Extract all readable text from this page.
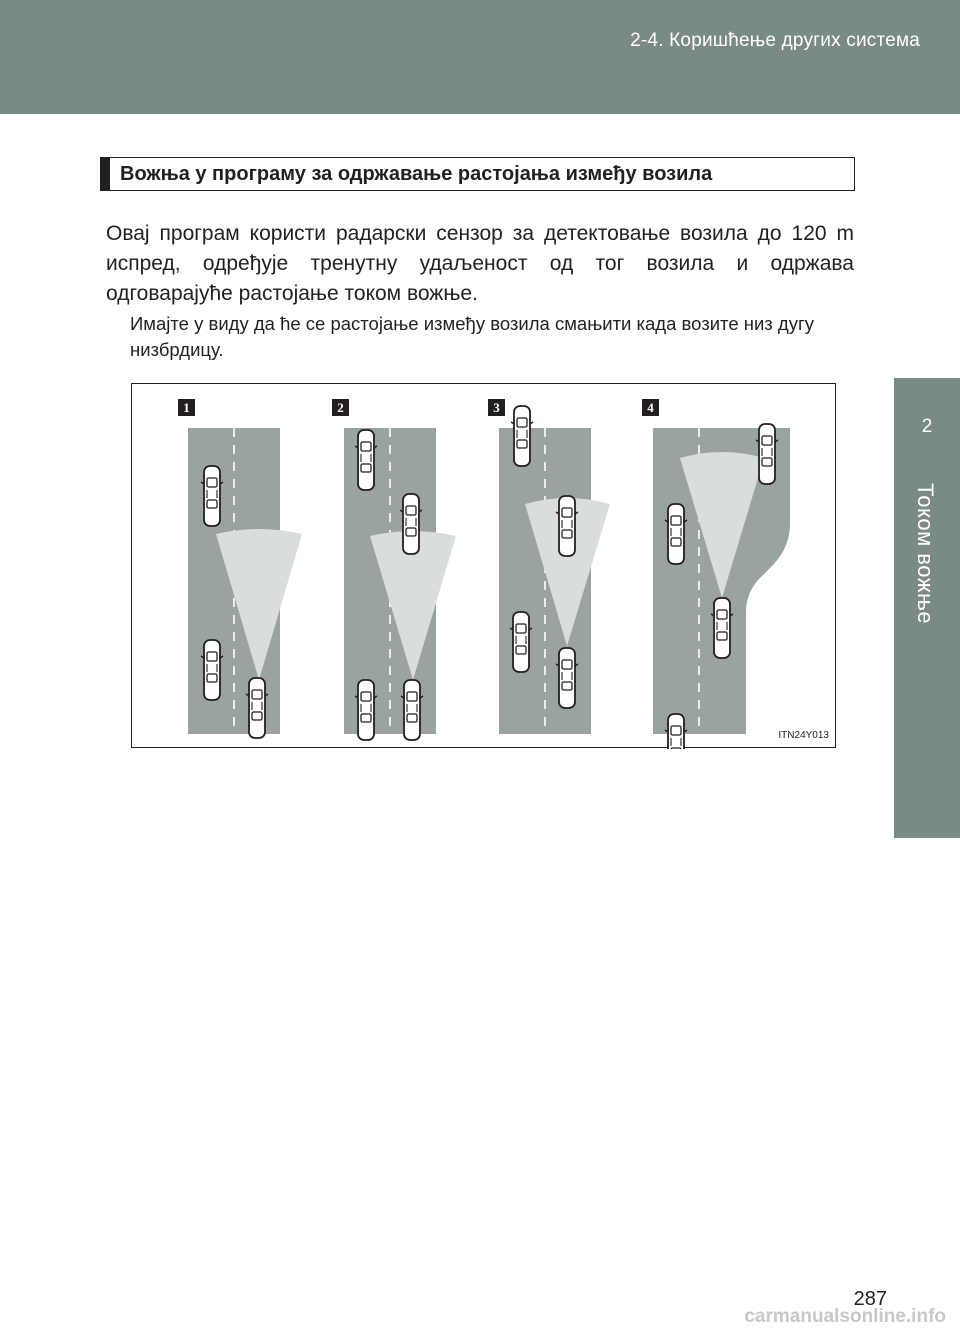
2-4. Коришћење других система
2
Током вожње
Вожња у програму за одржавање растојања између возила
Овај програм користи радарски сензор за детектовање возила до 120 m испред, одређује тренутну удаљеност од тог возила и одржава одговарајуће растојање током вожње.
Имајте у виду да ће се растојање између возила смањити када возите низ дугу низбрдицу.
1	2	3	4
ITN24Y013
287
carmanualsonline.info
